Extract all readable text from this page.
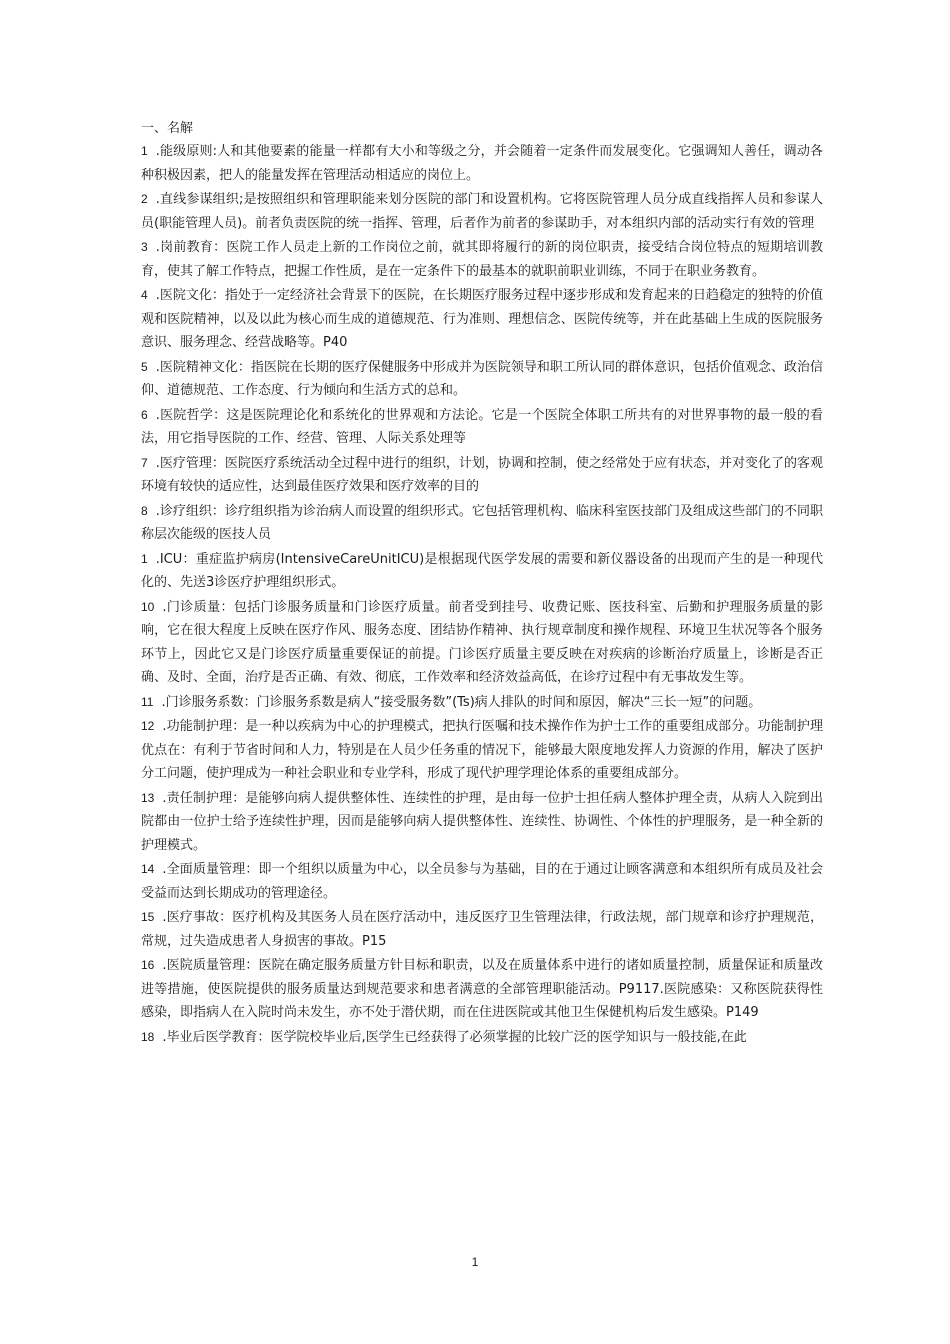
一、名解

1 .能级原则:人和其他要素的能量一样都有大小和等级之分，并会随着一定条件而发展变化。它强调知人善任，调动各种积极因素，把人的能量发挥在管理活动相适应的岗位上。

2 .直线参谋组织;是按照组织和管理职能来划分医院的部门和设置机构。它将医院管理人员分成直线指挥人员和参谋人员(职能管理人员)。前者负责医院的统一指挥、管理，后者作为前者的参谋助手，对本组织内部的活动实行有效的管理

3 .岗前教育：医院工作人员走上新的工作岗位之前，就其即将履行的新的岗位职责，接受结合岗位特点的短期培训教育，使其了解工作特点，把握工作性质，是在一定条件下的最基本的就职前职业训练，不同于在职业务教育。

4 .医院文化：指处于一定经济社会背景下的医院，在长期医疗服务过程中逐步形成和发育起来的日趋稳定的独特的价值观和医院精神，以及以此为核心而生成的道德规范、行为准则、理想信念、医院传统等，并在此基础上生成的医院服务意识、服务理念、经营战略等。P40

5 .医院精神文化：指医院在长期的医疗保健服务中形成并为医院领导和职工所认同的群体意识，包括价值观念、政治信仰、道德规范、工作态度、行为倾向和生活方式的总和。

6 .医院哲学：这是医院理论化和系统化的世界观和方法论。它是一个医院全体职工所共有的对世界事物的最一般的看法，用它指导医院的工作、经营、管理、人际关系处理等

7 .医疗管理：医院医疗系统活动全过程中进行的组织，计划，协调和控制，使之经常处于应有状态，并对变化了的客观环境有较快的适应性，达到最佳医疗效果和医疗效率的目的

8 .诊疗组织：诊疗组织指为诊治病人而设置的组织形式。它包括管理机构、临床科室医技部门及组成这些部门的不同职称层次能级的医技人员

1 .ICU：重症监护病房(IntensiveCareUnitICU)是根据现代医学发展的需要和新仪器设备的出现而产生的是一种现代化的、先送3诊医疗护理组织形式。

10 .门诊质量：包括门诊服务质量和门诊医疗质量。前者受到挂号、收费记账、医技科室、后勤和护理服务质量的影响，它在很大程度上反映在医疗作风、服务态度、团结协作精神、执行规章制度和操作规程、环境卫生状况等各个服务环节上，因此它又是门诊医疗质量重要保证的前提。门诊医疗质量主要反映在对疾病的诊断治疗质量上，诊断是否正确、及时、全面，治疗是否正确、有效、彻底，工作效率和经济效益高低，在诊疗过程中有无事故发生等。

11 .门诊服务系数：门诊服务系数是病人“接受服务数”(Ts)病人排队的时间和原因，解决“三长一短”的问题。

12 .功能制护理：是一种以疾病为中心的护理模式，把执行医嘱和技术操作作为护士工作的重要组成部分。功能制护理优点在：有利于节省时间和人力，特别是在人员少任务重的情况下，能够最大限度地发挥人力资源的作用，解决了医护分工问题，使护理成为一种社会职业和专业学科，形成了现代护理学理论体系的重要组成部分。

13 .责任制护理：是能够向病人提供整体性、连续性的护理，是由每一位护士担任病人整体护理全责，从病人入院到出院都由一位护士给予连续性护理，因而是能够向病人提供整体性、连续性、协调性、个体性的护理服务，是一种全新的护理模式。

14 .全面质量管理：即一个组织以质量为中心，以全员参与为基础，目的在于通过让顾客满意和本组织所有成员及社会受益而达到长期成功的管理途径。

15 .医疗事故：医疗机构及其医务人员在医疗活动中，违反医疗卫生管理法律，行政法规，部门规章和诊疗护理规范，常规，过失造成患者人身损害的事故。P15

16 .医院质量管理：医院在确定服务质量方针目标和职责，以及在质量体系中进行的诸如质量控制，质量保证和质量改进等措施，使医院提供的服务质量达到规范要求和患者满意的全部管理职能活动。P9117.医院感染：又称医院获得性感染，即指病人在入院时尚未发生，亦不处于潜伏期，而在住进医院或其他卫生保健机构后发生感染。P149

18 .毕业后医学教育：医学院校毕业后,医学生已经获得了必须掌握的比较广泛的医学知识与一般技能,在此

1
